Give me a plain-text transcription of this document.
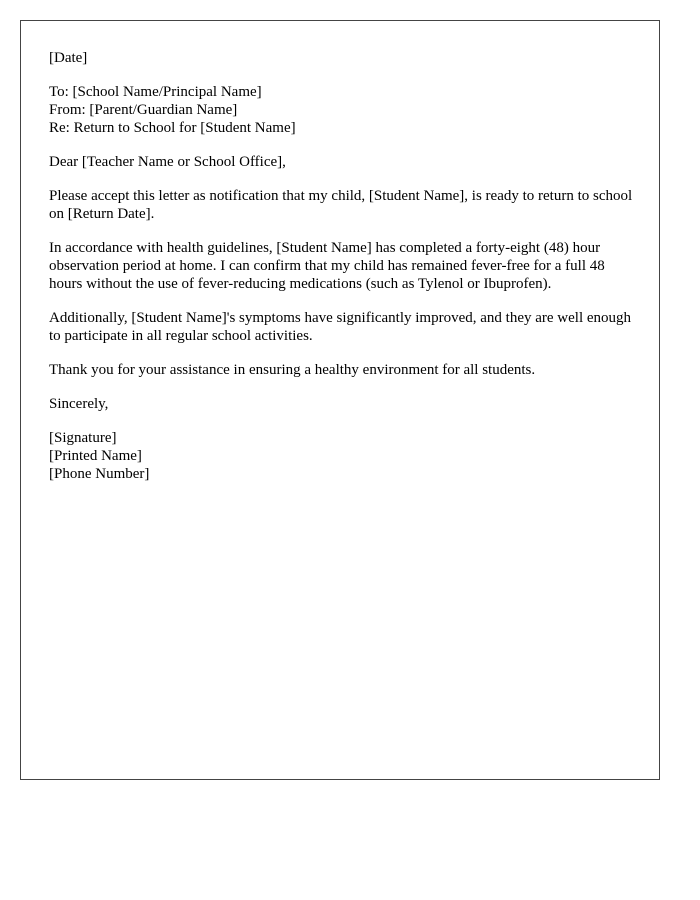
[Date]
To: [School Name/Principal Name]
From: [Parent/Guardian Name]
Re: Return to School for [Student Name]
Dear [Teacher Name or School Office],

Please accept this letter as notification that my child, [Student Name], is ready to return to school on [Return Date].

In accordance with health guidelines, [Student Name] has completed a forty-eight (48) hour observation period at home. I can confirm that my child has remained fever-free for a full 48 hours without the use of fever-reducing medications (such as Tylenol or Ibuprofen).

Additionally, [Student Name]'s symptoms have significantly improved, and they are well enough to participate in all regular school activities.

Thank you for your assistance in ensuring a healthy environment for all students.

Sincerely,
[Signature]
[Printed Name]
[Phone Number]
